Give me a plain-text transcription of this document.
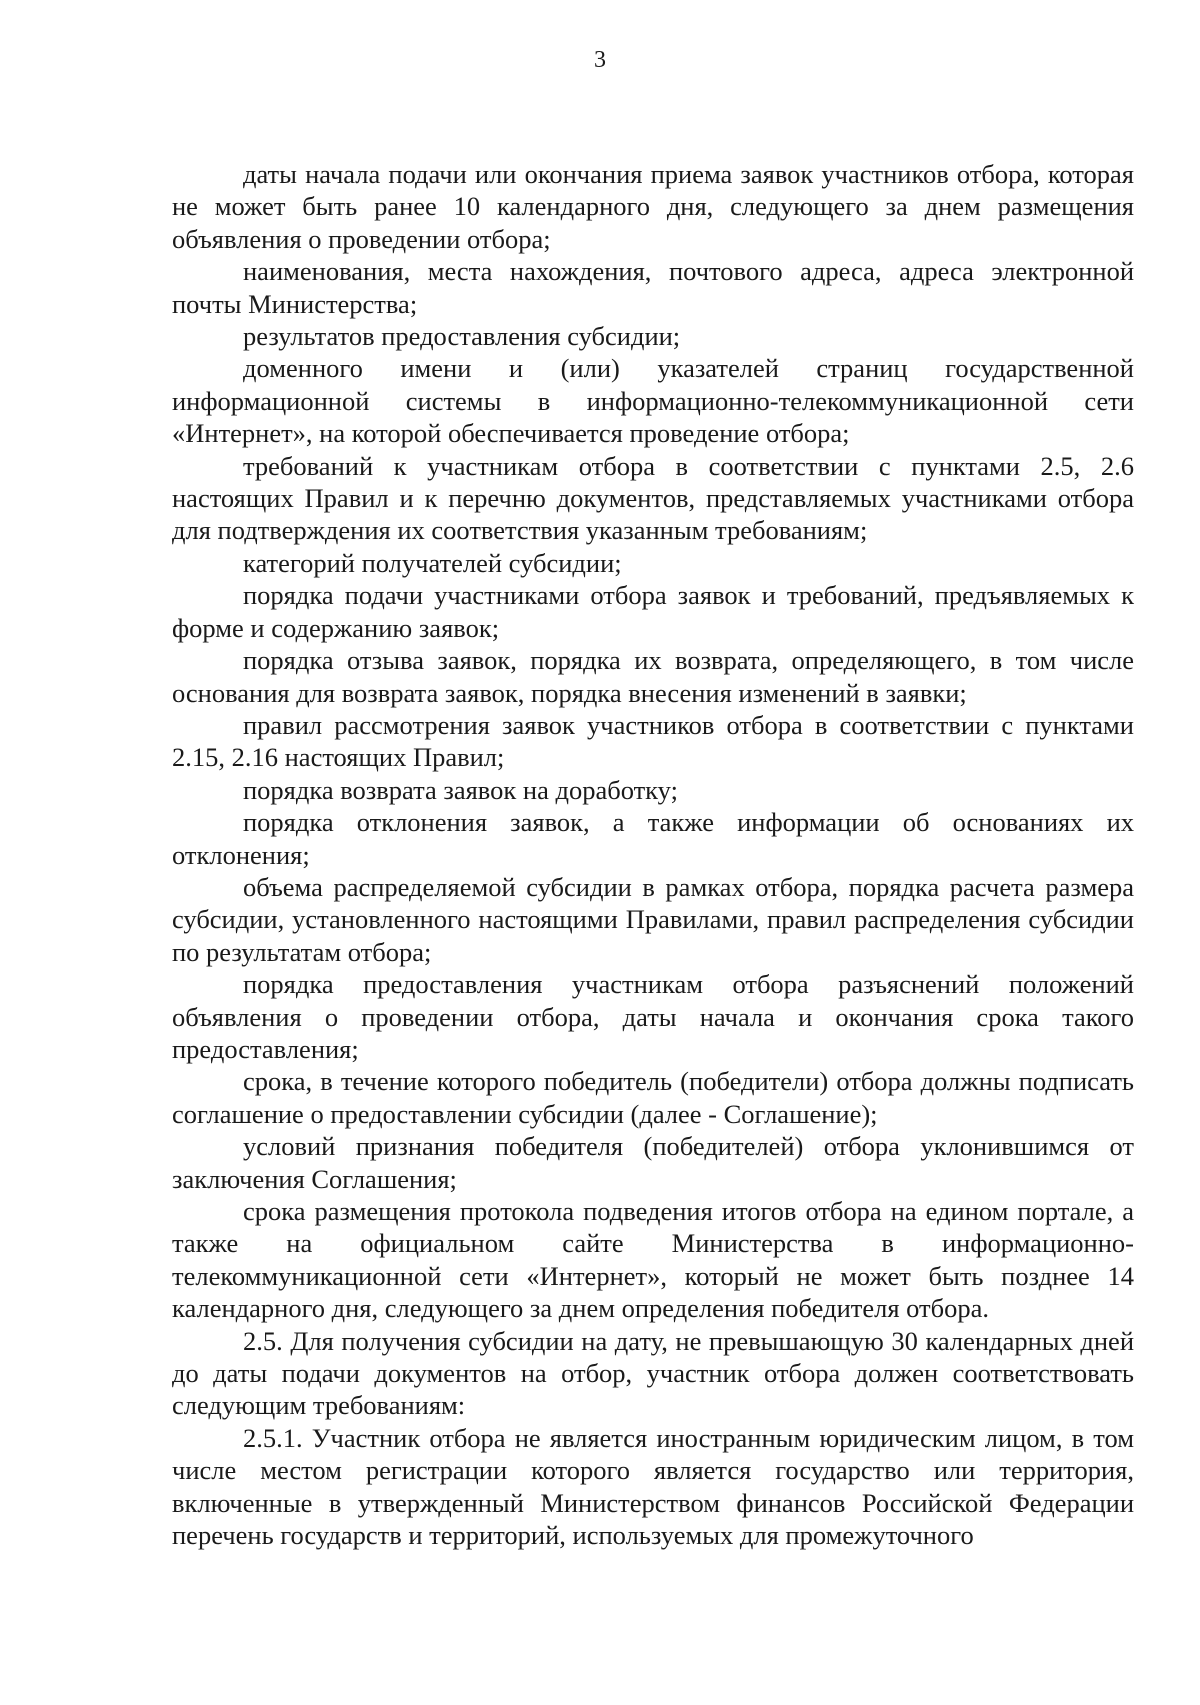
3

даты начала подачи или окончания приема заявок участников отбора, которая не может быть ранее 10 календарного дня, следующего за днем размещения объявления о проведении отбора;

наименования, места нахождения, почтового адреса, адреса электронной почты Министерства;

результатов предоставления субсидии;

доменного имени и (или) указателей страниц государственной информационной системы в информационно-телекоммуникационной сети «Интернет», на которой обеспечивается проведение отбора;

требований к участникам отбора в соответствии с пунктами 2.5, 2.6 настоящих Правил и к перечню документов, представляемых участниками отбора для подтверждения их соответствия указанным требованиям;

категорий получателей субсидии;

порядка подачи участниками отбора заявок и требований, предъявляемых к форме и содержанию заявок;

порядка отзыва заявок, порядка их возврата, определяющего, в том числе основания для возврата заявок, порядка внесения изменений в заявки;

правил рассмотрения заявок участников отбора в соответствии с пунктами 2.15, 2.16 настоящих Правил;

порядка возврата заявок на доработку;

порядка отклонения заявок, а также информации об основаниях их отклонения;

объема распределяемой субсидии в рамках отбора, порядка расчета размера субсидии, установленного настоящими Правилами, правил распределения субсидии по результатам отбора;

порядка предоставления участникам отбора разъяснений положений объявления о проведении отбора, даты начала и окончания срока такого предоставления;

срока, в течение которого победитель (победители) отбора должны подписать соглашение о предоставлении субсидии (далее - Соглашение);

условий признания победителя (победителей) отбора уклонившимся от заключения Соглашения;

срока размещения протокола подведения итогов отбора на едином портале, а также на официальном сайте Министерства в информационно-телекоммуникационной сети «Интернет», который не может быть позднее 14 календарного дня, следующего за днем определения победителя отбора.

2.5. Для получения субсидии на дату, не превышающую 30 календарных дней до даты подачи документов на отбор, участник отбора должен соответствовать следующим требованиям:

2.5.1. Участник отбора не является иностранным юридическим лицом, в том числе местом регистрации которого является государство или территория, включенные в утвержденный Министерством финансов Российской Федерации перечень государств и территорий, используемых для промежуточного
